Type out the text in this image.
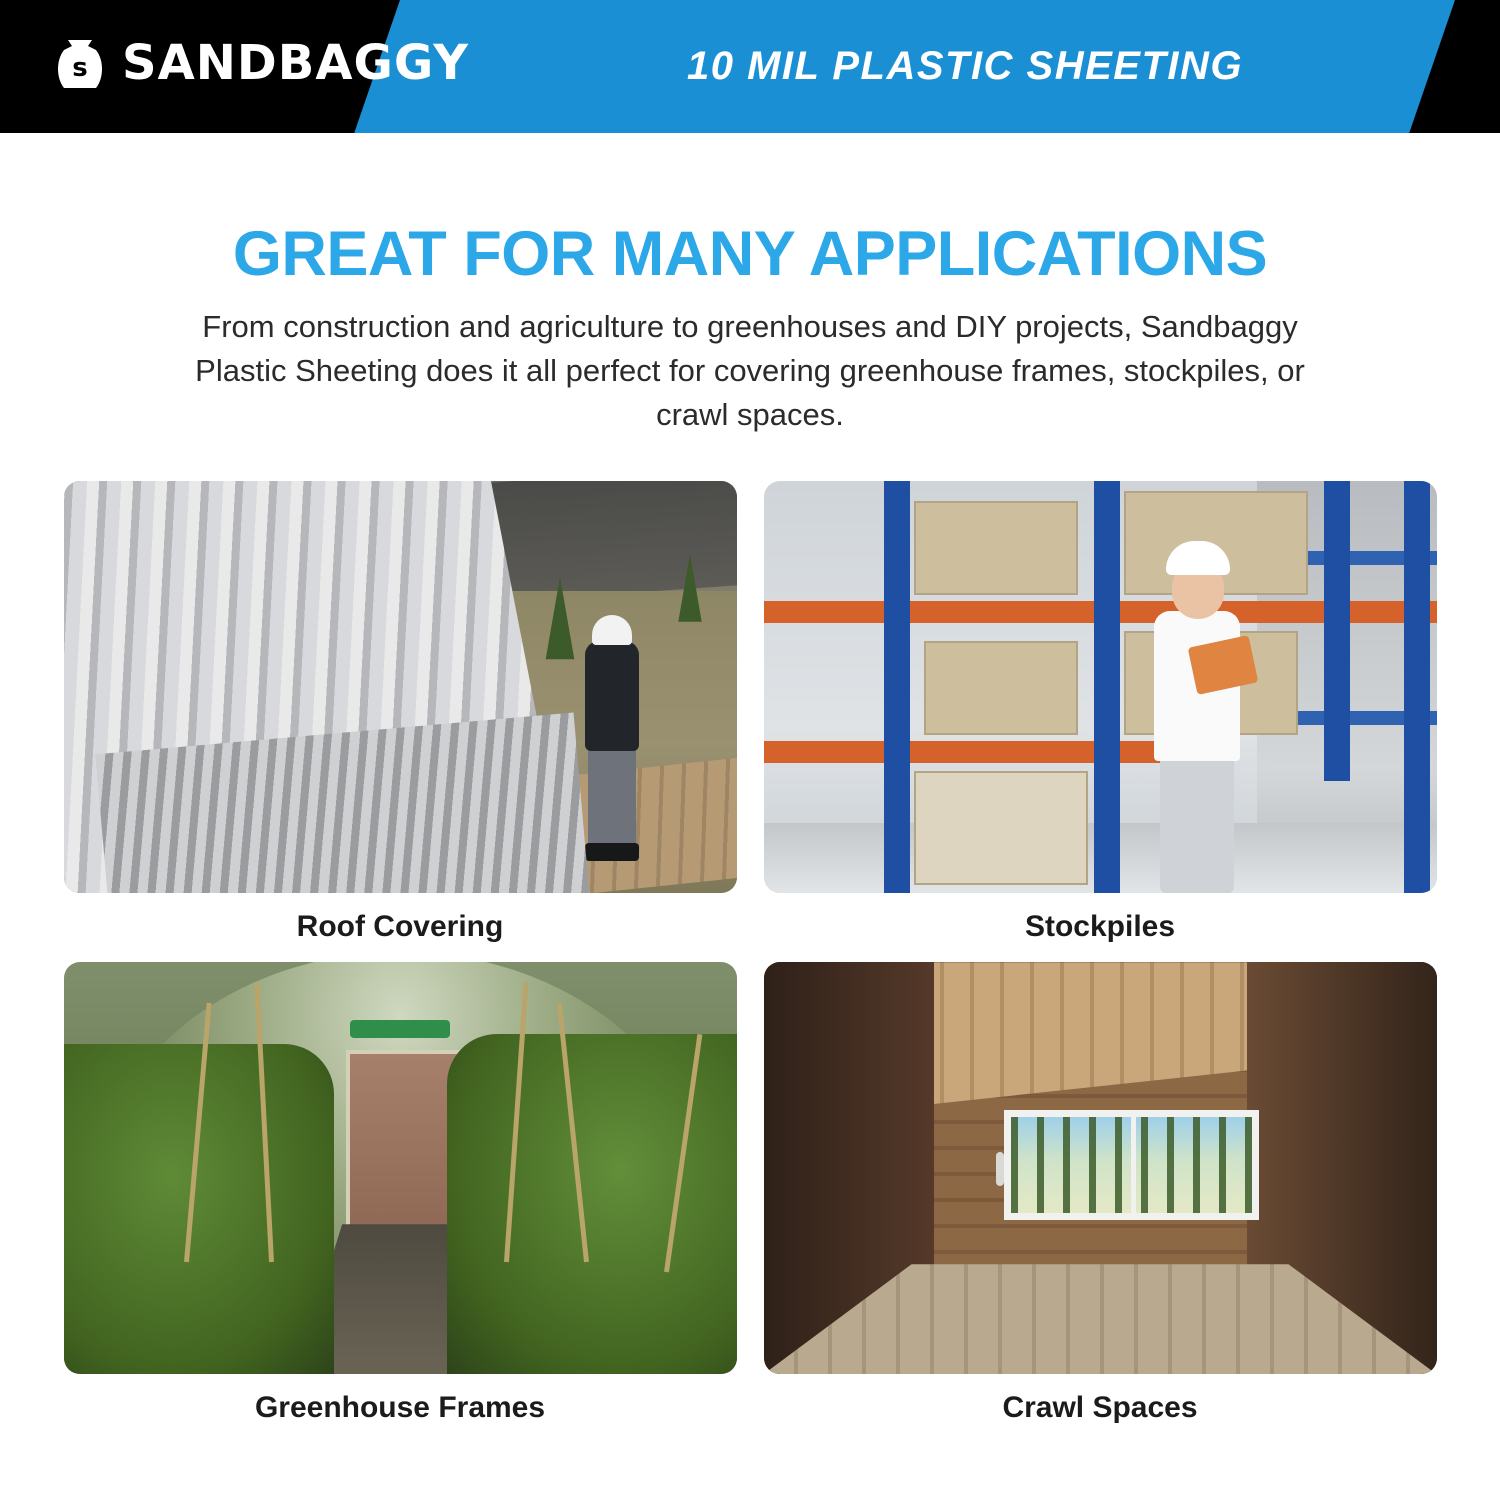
s SANDBAGGY	10 MIL PLASTIC SHEETING
GREAT FOR MANY APPLICATIONS
From construction and agriculture to greenhouses and DIY projects, Sandbaggy Plastic Sheeting does it all perfect for covering greenhouse frames, stockpiles, or crawl spaces.
Roof Covering	Stockpiles
Greenhouse Frames	Crawl Spaces
